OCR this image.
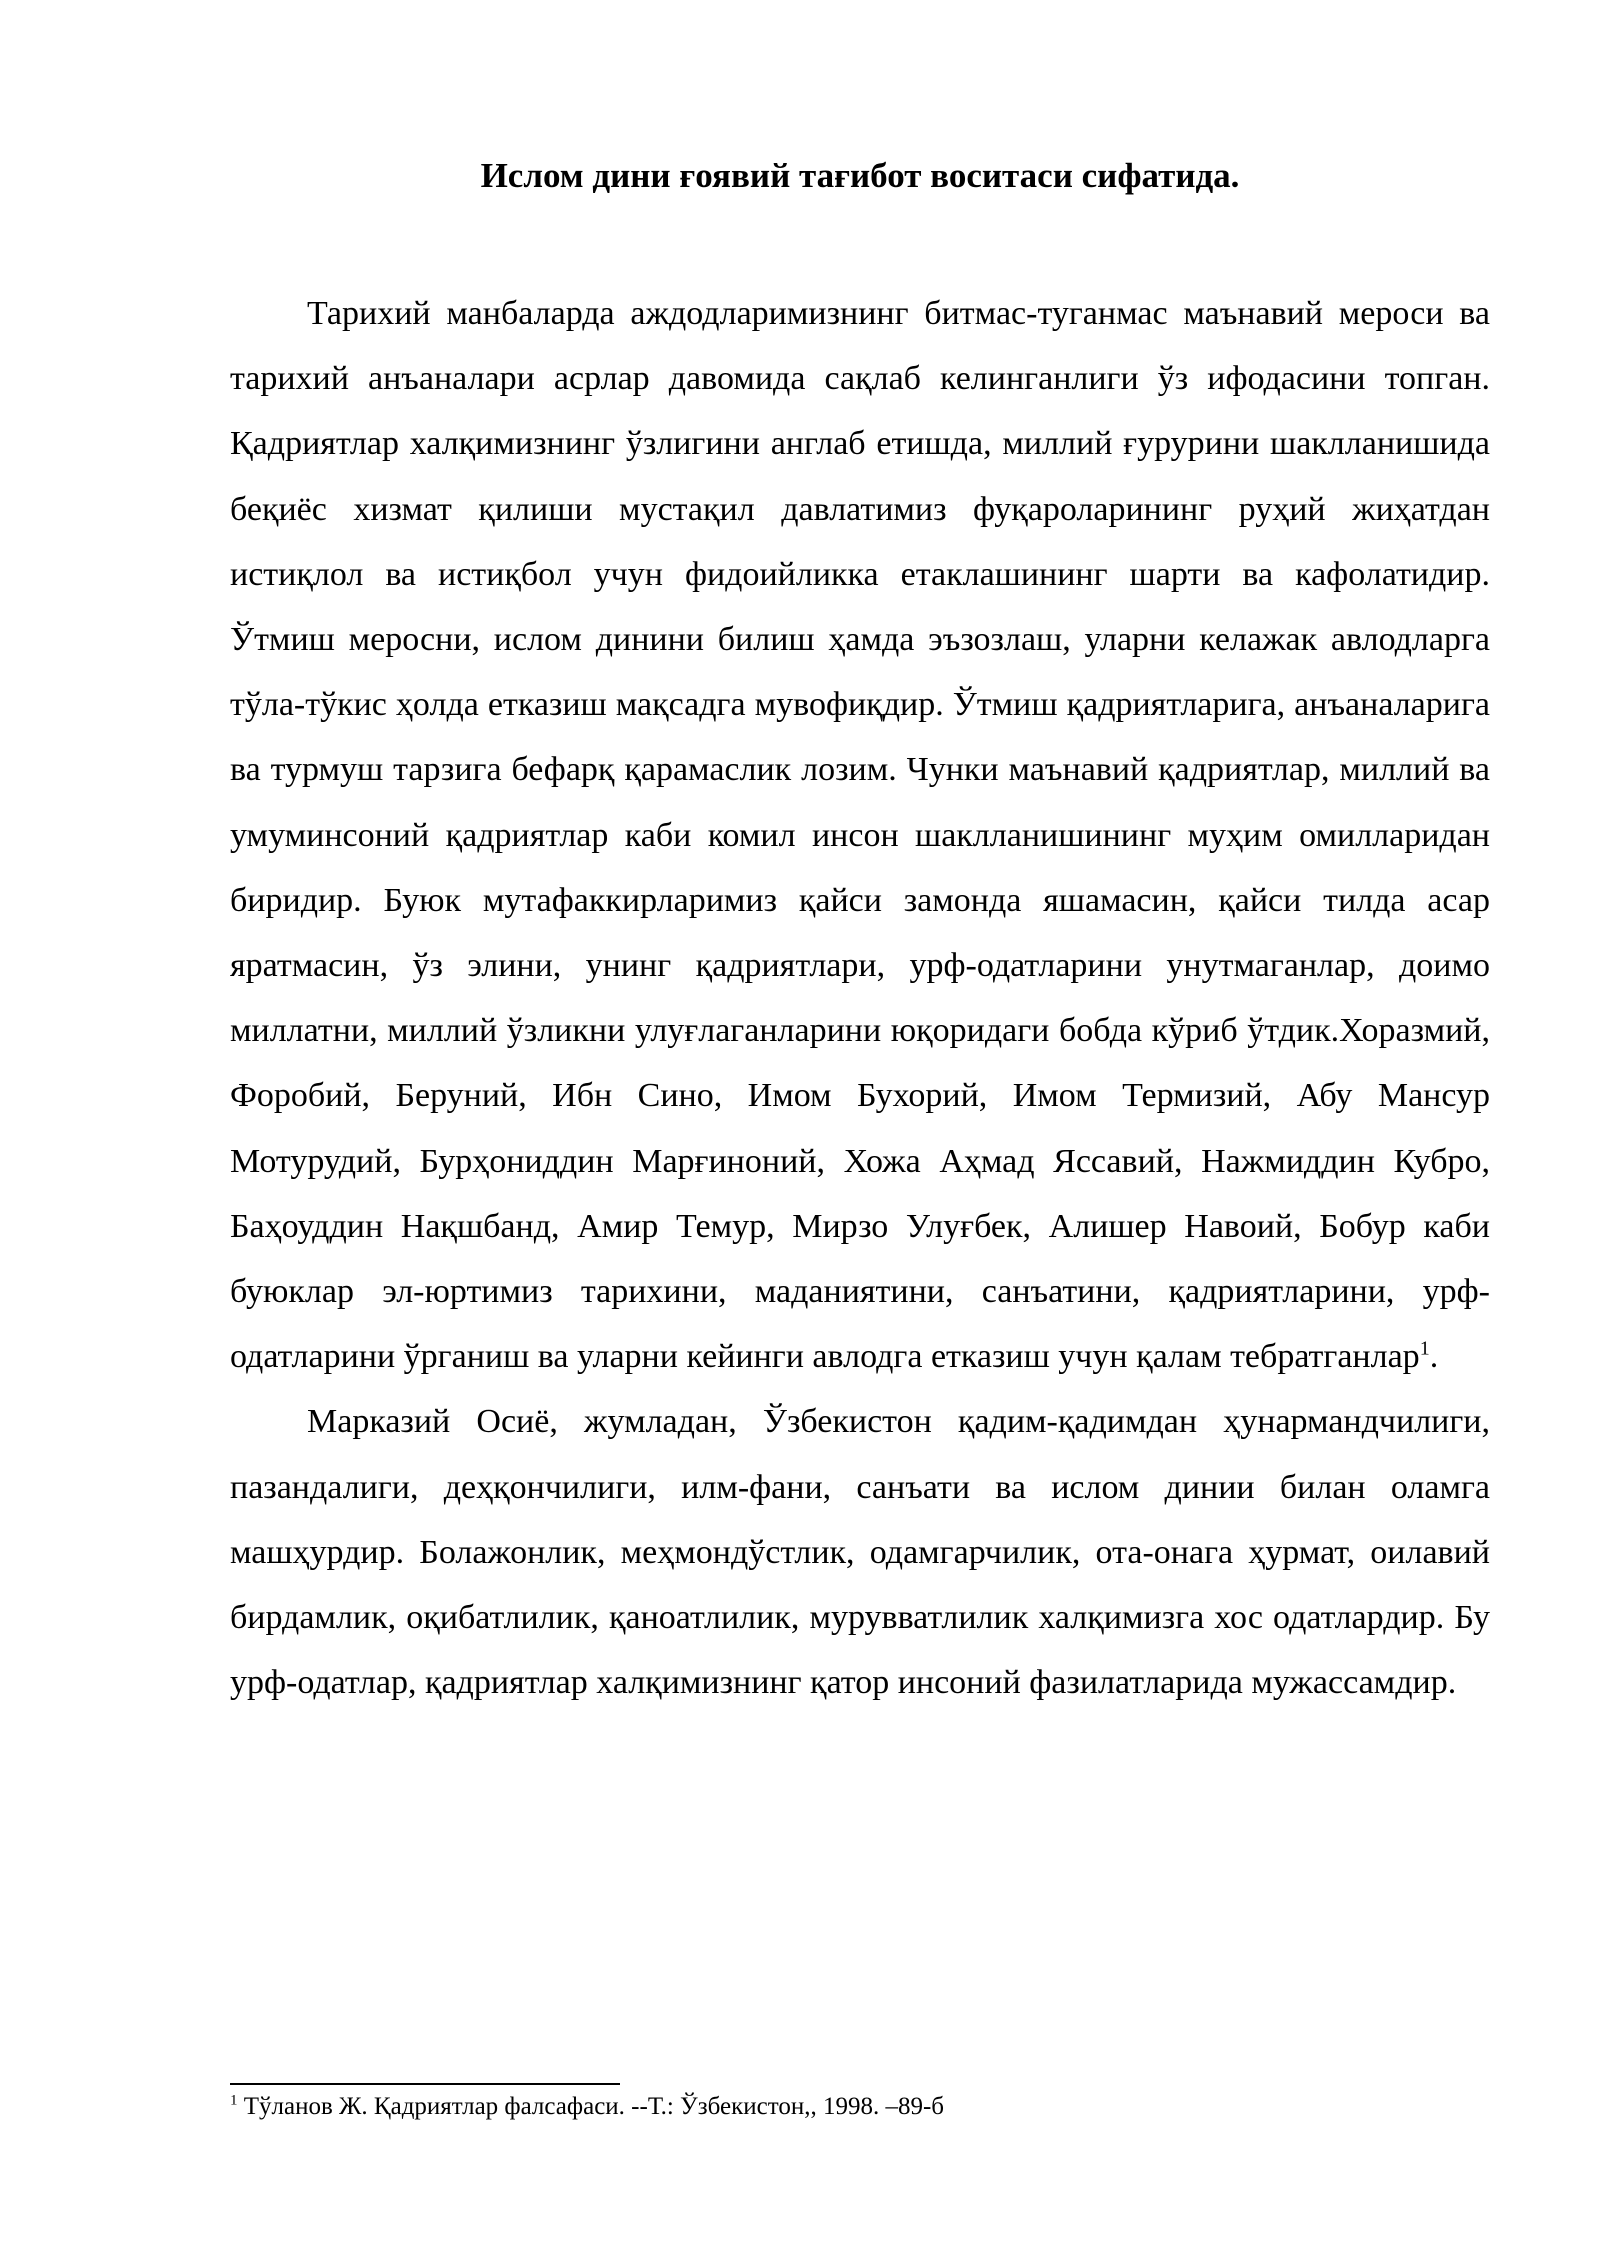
Ислом дини ғоявий тағибот воситаси сифатида.

Тарихий манбаларда аждодларимизнинг битмас-туганмас маънавий мероси ва тарихий анъаналари асрлар давомида сақлаб келинганлиги ўз ифодасини топган. Қадриятлар халқимизнинг ўзлигини англаб етишда, миллий ғурурини шаклланишида беқиёс хизмат қилиши мустақил давлатимиз фуқароларининг руҳий жиҳатдан истиқлол ва истиқбол учун фидоийликка етаклашининг шарти ва кафолатидир. Ўтмиш меросни, ислом динини билиш ҳамда эъзозлаш, уларни келажак авлодларга тўла-тўкис ҳолда етказиш мақсадга мувофиқдир. Ўтмиш қадриятларига, анъаналарига ва турмуш тарзига бефарқ қарамаслик лозим. Чунки маънавий қадриятлар, миллий ва умуминсоний қадриятлар каби комил инсон шаклланишининг муҳим омилларидан биридир. Буюк мутафаккирларимиз қайси замонда яшамасин, қайси тилда асар яратмасин, ўз элини, унинг қадриятлари, урф-одатларини унутмаганлар, доимо миллатни, миллий ўзликни улуғлаганларини юқоридаги бобда кўриб ўтдик.Хоразмий, Форобий, Беруний, Ибн Сино, Имом Бухорий, Имом Термизий, Абу Мансур Мотурудий, Бурҳониддин Марғиноний, Хожа Аҳмад Яссавий, Нажмиддин Кубро, Баҳоуддин Нақшбанд, Амир Темур, Мирзо Улуғбек, Алишер Навоий, Бобур каби буюклар эл-юртимиз тарихини, маданиятини, санъатини, қадриятларини, урф-одатларини ўрганиш ва уларни кейинги авлодга етказиш учун қалам тебратганлар$^1$.

Марказий Осиё, жумладан, Ўзбекистон қадим-қадимдан ҳунармандчилиги, пазандалиги, деҳқончилиги, илм-фани, санъати ва ислом динии билан оламга машҳурдир. Болажонлик, меҳмондўстлик, одамгарчилик, ота-онага ҳурмат, оилавий бирдамлик, оқибатлилик, қаноатлилик, мурувватлилик халқимизга хос одатлардир. Бу урф-одатлар, қадриятлар халқимизнинг қатор инсоний фазилатларида мужассамдир.

$^1$ Тўланов Ж. Қадриятлар фалсафаси. --Т.: Ўзбекистон,, 1998. –89-б
